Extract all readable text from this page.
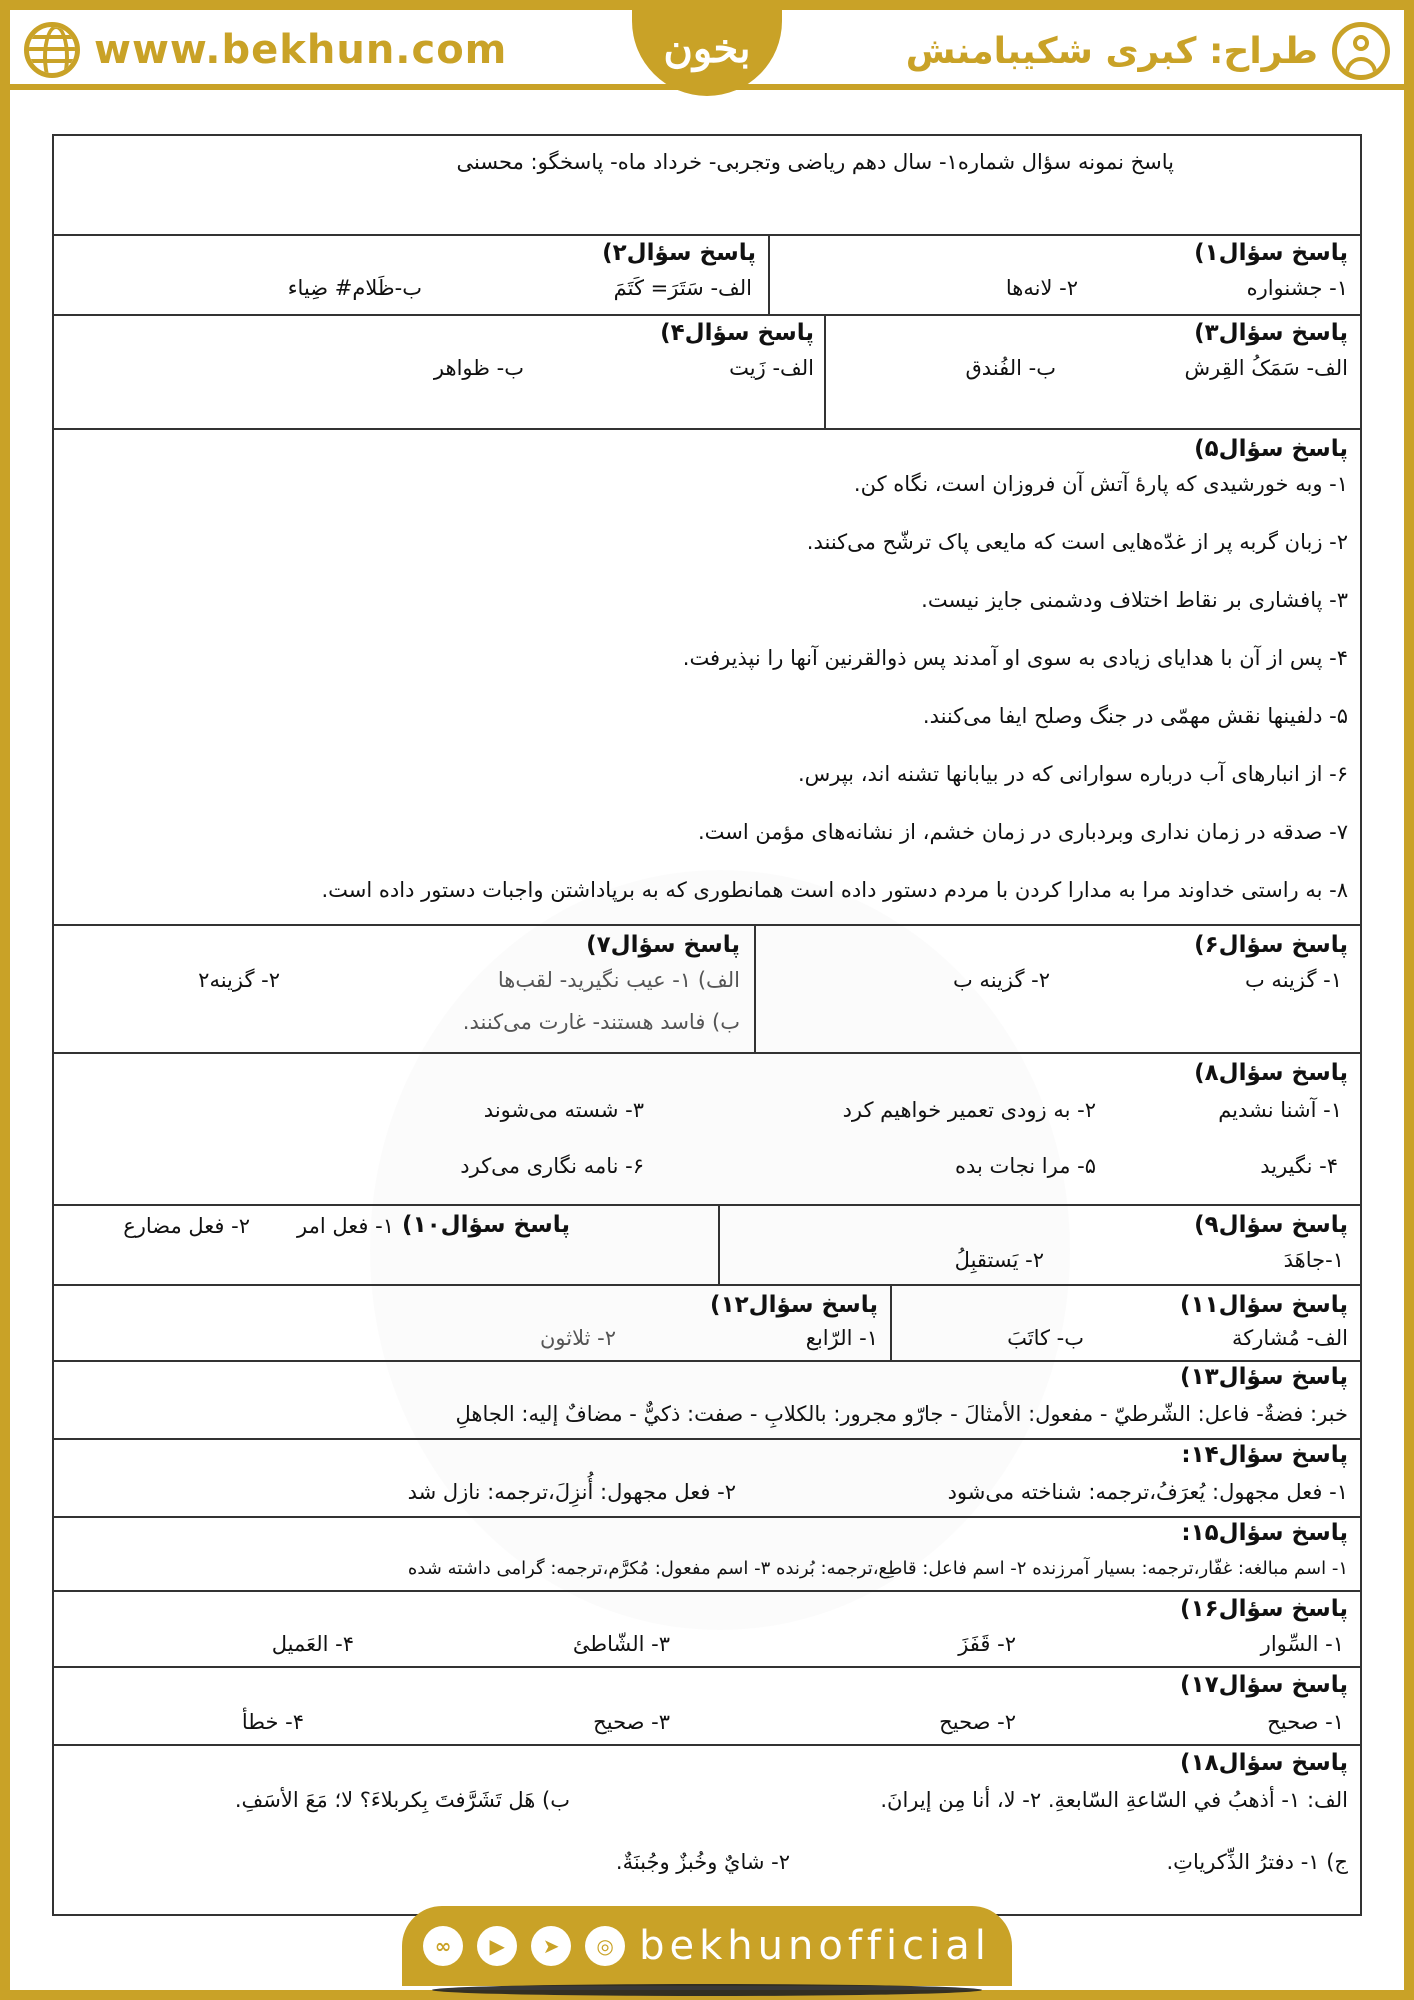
www.bekhun.com	بخون	طراح: کبری شکیبامنش
پاسخ نمونه سؤال شماره۱- سال دهم ریاضی وتجربی- خرداد ماه- پاسخگو: محسنی
پاسخ سؤال۱)
۱- جشنواره
۲- لانه‌ها
پاسخ سؤال۲)
الف- سَتَرَ= کَتَمَ
ب-ظَلام# ضِیاء
پاسخ سؤال۳)
الف- سَمَکُ القِرش
ب- الفُندق
پاسخ سؤال۴)
الف- زَیت
ب- ظواهر
پاسخ سؤال۵)
۱- وبه خورشیدی که پارهٔ آتش آن فروزان است، نگاه کن.
۲- زبان گربه پر از غدّه‌هایی است که مایعی پاک ترشّح می‌کنند.
۳- پافشاری بر نقاط اختلاف ودشمنی جایز نیست.
۴- پس از آن با هدایای زیادی به سوی او آمدند پس ذوالقرنین آنها را نپذیرفت.
۵- دلفینها نقش مهمّی در جنگ وصلح ایفا می‌کنند.
۶- از انبارهای آب درباره سوارانی که در بیابانها تشنه اند، بپرس.
۷- صدقه در زمان نداری وبردباری در زمان خشم، از نشانه‌های مؤمن است.
۸- به راستی خداوند مرا به مدارا کردن با مردم دستور داده است همانطوری که به برپاداشتن واجبات دستور داده است.
پاسخ سؤال۶)
۱- گزینه ب
۲- گزینه ب
پاسخ سؤال۷)
الف) ۱- عیب نگیرید- لقب‌ها
۲- گزینه۲
ب) فاسد هستند- غارت می‌کنند.
پاسخ سؤال۸)
۱- آشنا نشدیم
۲- به زودی تعمیر خواهیم کرد
۳- شسته می‌شوند
۴- نگیرید
۵- مرا نجات بده
۶- نامه نگاری می‌کرد
پاسخ سؤال۹)
۱-جاهَدَ
۲- یَستقبِلُ
پاسخ سؤال۱۰)
۱- فعل امر
۲- فعل مضارع
پاسخ سؤال۱۱)
الف- مُشارکة
ب- کاتَبَ
پاسخ سؤال۱۲)
۱- الرّابع
۲- ثلاثون
پاسخ سؤال۱۳)
خبر: فضةٌ- فاعل: الشّرطيّ - مفعول: الأمثالَ - جارّو مجرور: بالکلابِ - صفت: ذکيٌّ - مضافٌ إلیه: الجاهلِ
پاسخ سؤال۱۴:
۱- فعل مجهول: یُعرَفُ،ترجمه: شناخته می‌شود
۲- فعل مجهول: أُنزِلَ،ترجمه: نازل شد
پاسخ سؤال۱۵:
۱- اسم مبالغه: غفّار،ترجمه: بسیار آمرزنده ۲- اسم فاعل: قاطِع،ترجمه: بُرنده ۳- اسم مفعول: مُکرَّم،ترجمه: گرامی داشته شده
پاسخ سؤال۱۶)
۱- السِّوار
۲- قَفَزَ
۳- الشّاطئ
۴- العَمیل
پاسخ سؤال۱۷)
۱- صحیح
۲- صحیح
۳- صحیح
۴- خطأ
پاسخ سؤال۱۸)
الف: ۱- أذهبُ في السّاعةِ السّابعةِ. ۲- لا، أنا مِن إیرانَ.
ب) هَل تَشَرَّفتَ بِکربلاءَ؟ لا؛ مَعَ الأسَفِ.
ج) ۱- دفترُ الذِّکریاتِ.
۲- شايٌ وخُبزٌ وجُبنَةٌ.
∞	▶	➤	◎ bekhunofficial
